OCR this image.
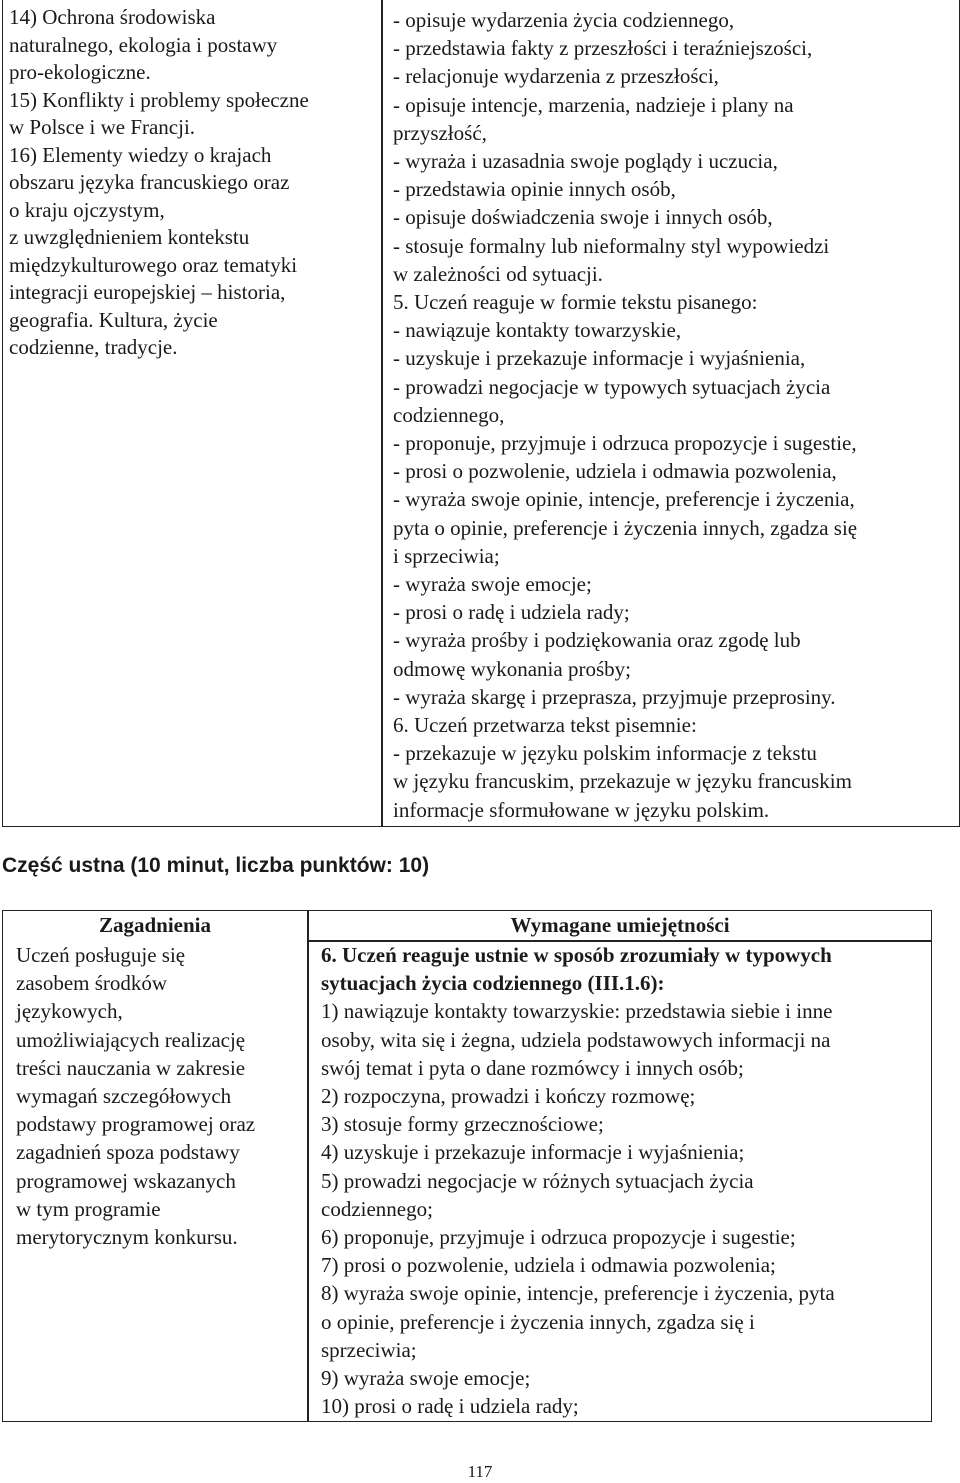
14) Ochrona środowiska
naturalnego, ekologia i postawy
pro-ekologiczne.
15) Konflikty i problemy społeczne
w Polsce i we Francji.
16) Elementy wiedzy o krajach
obszaru języka francuskiego oraz
o kraju ojczystym,
z uwzględnieniem kontekstu
międzykulturowego oraz tematyki
integracji europejskiej – historia,
geografia. Kultura, życie
codzienne, tradycje.
- opisuje wydarzenia życia codziennego,
- przedstawia fakty z przeszłości i teraźniejszości,
- relacjonuje wydarzenia z przeszłości,
- opisuje intencje, marzenia, nadzieje i plany na
przyszłość,
- wyraża i uzasadnia swoje poglądy i uczucia,
- przedstawia opinie innych osób,
- opisuje doświadczenia swoje i innych osób,
- stosuje formalny lub nieformalny styl wypowiedzi
w zależności od sytuacji.
5. Uczeń reaguje w formie tekstu pisanego:
- nawiązuje kontakty towarzyskie,
- uzyskuje i przekazuje informacje i wyjaśnienia,
- prowadzi negocjacje w typowych sytuacjach życia
codziennego,
- proponuje, przyjmuje i odrzuca propozycje i sugestie,
- prosi o pozwolenie, udziela i odmawia pozwolenia,
- wyraża swoje opinie, intencje, preferencje i życzenia,
pyta o opinie, preferencje i życzenia innych, zgadza się
i sprzeciwia;
- wyraża swoje emocje;
- prosi o radę i udziela rady;
- wyraża prośby i podziękowania oraz zgodę lub
odmowę wykonania prośby;
- wyraża skargę i przeprasza, przyjmuje przeprosiny.
6. Uczeń przetwarza tekst pisemnie:
- przekazuje w języku polskim informacje z tekstu
w języku francuskim, przekazuje w języku francuskim
informacje sformułowane w języku polskim.
Część ustna (10 minut, liczba punktów: 10)
Zagadnienia	Wymagane umiejętności
Uczeń posługuje się
zasobem środków
językowych,
umożliwiających realizację
treści nauczania w zakresie
wymagań szczegółowych
podstawy programowej oraz
zagadnień spoza podstawy
programowej wskazanych
w tym programie
merytorycznym konkursu.
6. Uczeń reaguje ustnie w sposób zrozumiały w typowych
sytuacjach życia codziennego (III.1.6):
1) nawiązuje kontakty towarzyskie: przedstawia siebie i inne
osoby, wita się i żegna, udziela podstawowych informacji na
swój temat i pyta o dane rozmówcy i innych osób;
2) rozpoczyna, prowadzi i kończy rozmowę;
3) stosuje formy grzecznościowe;
4) uzyskuje i przekazuje informacje i wyjaśnienia;
5) prowadzi negocjacje w różnych sytuacjach życia
codziennego;
6) proponuje, przyjmuje i odrzuca propozycje i sugestie;
7) prosi o pozwolenie, udziela i odmawia pozwolenia;
8) wyraża swoje opinie, intencje, preferencje i życzenia, pyta
o opinie, preferencje i życzenia innych, zgadza się i
sprzeciwia;
9) wyraża swoje emocje;
10) prosi o radę i udziela rady;
117
